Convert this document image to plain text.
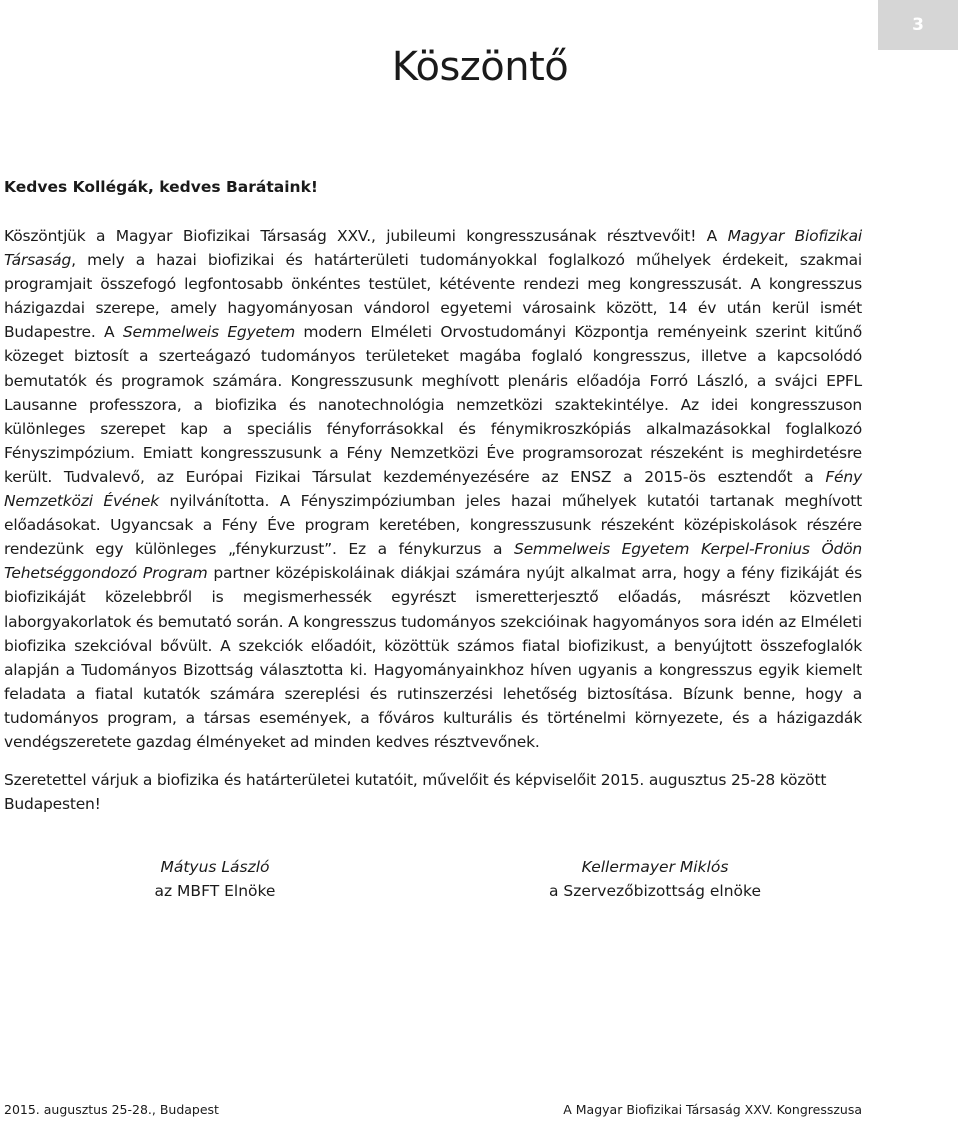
3
Köszöntő

Kedves Kollégák, kedves Barátaink!

Köszöntjük a Magyar Biofizikai Társaság XXV., jubileumi kongresszusának résztvevőit! A Magyar Biofizikai Társaság, mely a hazai biofizikai és határterületi tudományokkal foglalkozó műhelyek érdekeit, szakmai programjait összefogó legfontosabb önkéntes testület, kétévente rendezi meg kongresszusát. A kongresszus házigazdai szerepe, amely hagyományosan vándorol egyetemi városaink között, 14 év után kerül ismét Budapestre. A Semmelweis Egyetem modern Elméleti Orvostudományi Központja reményeink szerint kitűnő közeget biztosít a szerteágazó tudományos területeket magába foglaló kongresszus, illetve a kapcsolódó bemutatók és programok számára. Kongresszusunk meghívott plenáris előadója Forró László, a svájci EPFL Lausanne professzora, a biofizika és nanotechnológia nemzetközi szaktekintélye. Az idei kongresszuson különleges szerepet kap a speciális fényforrásokkal és fénymikroszkópiás alkalmazásokkal foglalkozó Fényszimpózium. Emiatt kongresszusunk a Fény Nemzetközi Éve programsorozat részeként is meghirdetésre került. Tudvalevő, az Európai Fizikai Társulat kezdeményezésére az ENSZ a 2015-ös esztendőt a Fény Nemzetközi Évének nyilvánította. A Fényszimpóziumban jeles hazai műhelyek kutatói tartanak meghívott előadásokat. Ugyancsak a Fény Éve program keretében, kongresszusunk részeként középiskolások részére rendezünk egy különleges „fénykurzust”. Ez a fénykurzus a Semmelweis Egyetem Kerpel-Fronius Ödön Tehetséggondozó Program partner középiskoláinak diákjai számára nyújt alkalmat arra, hogy a fény fizikáját és biofizikáját közelebbről is megismerhessék egyrészt ismeretterjesztő előadás, másrészt közvetlen laborgyakorlatok és bemutató során. A kongresszus tudományos szekcióinak hagyományos sora idén az Elméleti biofizika szekcióval bővült. A szekciók előadóit, közöttük számos fiatal biofizikust, a benyújtott összefoglalók alapján a Tudományos Bizottság választotta ki. Hagyományainkhoz híven ugyanis a kongresszus egyik kiemelt feladata a fiatal kutatók számára szereplési és rutinszerzési lehetőség biztosítása. Bízunk benne, hogy a tudományos program, a társas események, a főváros kulturális és történelmi környezete, és a házigazdák vendégszeretete gazdag élményeket ad minden kedves résztvevőnek.

Szeretettel várjuk a biofizika és határterületei kutatóit, művelőit és képviselőit 2015. augusztus 25-28 között Budapesten!

Mátyus László
az MBFT Elnöke
Kellermayer Miklós
a Szervezőbizottság elnöke
2015. augusztus 25-28., Budapest	A Magyar Biofizikai Társaság XXV. Kongresszusa
